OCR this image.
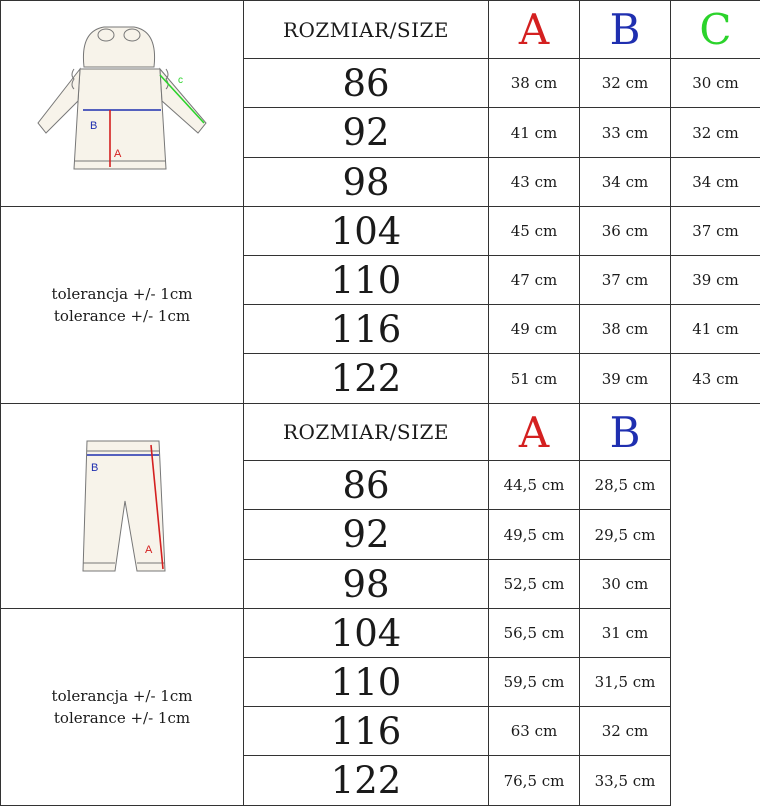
B
A
c	ROZMIAR/SIZE	A	B	C
	86	38 cm	32 cm	30 cm
	92	41 cm	33 cm	32 cm
	98	43 cm	34 cm	34 cm

tolerancja +/- 1cm
tolerance +/- 1cm	104	45 cm	36 cm	37 cm
	110	47 cm	37 cm	39 cm
	116	49 cm	38 cm	41 cm
	122	51 cm	39 cm	43 cm
B
A	ROZMIAR/SIZE	A	B
	86	44,5 cm	28,5 cm
	92	49,5 cm	29,5 cm
	98	52,5 cm	30 cm

tolerancja +/- 1cm
tolerance +/- 1cm	104	56,5 cm	31 cm
	110	59,5 cm	31,5 cm
	116	63 cm	32 cm
	122	76,5 cm	33,5 cm
